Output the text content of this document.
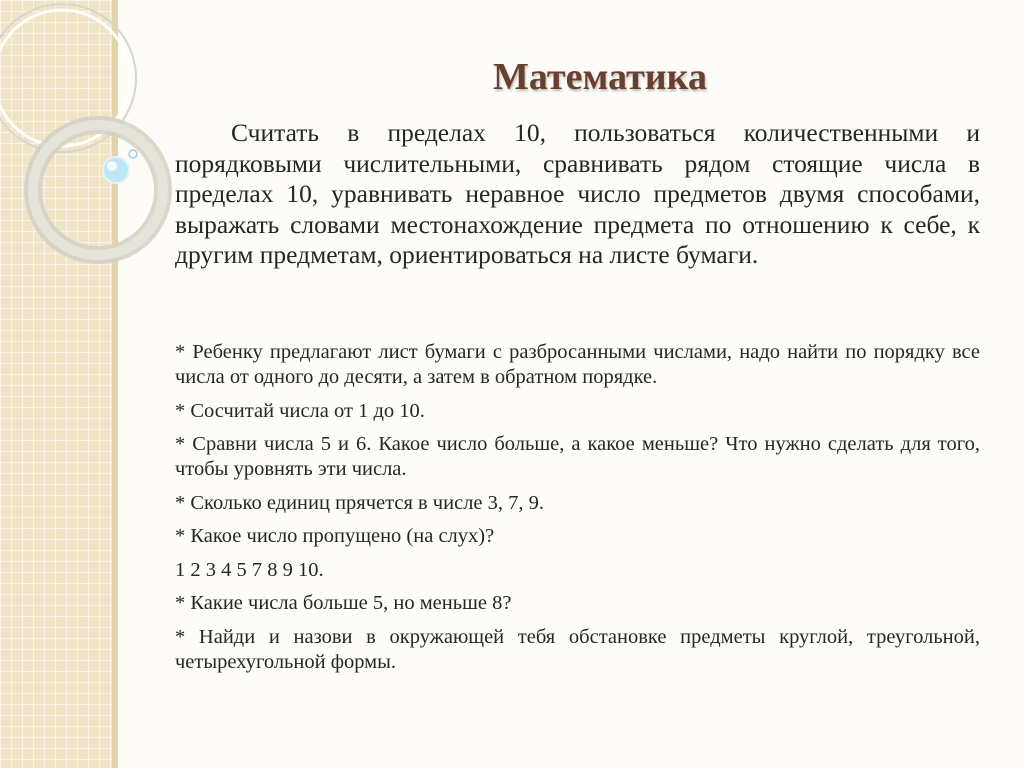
Математика

Считать в пределах 10, пользоваться количественными и порядковыми числительными, сравнивать рядом стоящие числа в пределах 10, уравнивать неравное число предметов двумя способами, выражать словами местонахождение предмета по отношению к себе, к другим предметам, ориентироваться на листе бумаги.

* Ребенку предлагают лист бумаги с разбросанными числами, надо найти по порядку все числа от одного до десяти, а затем в обратном порядке.
* Сосчитай числа от 1 до 10.
* Сравни числа 5 и 6. Какое число больше, а какое меньше? Что нужно сделать для того, чтобы уровнять эти числа.
* Сколько единиц прячется в числе 3, 7, 9.
* Какое число пропущено (на слух)?
1 2 3 4 5 7 8 9 10.
* Какие числа больше 5, но меньше 8?
* Найди и назови в окружающей тебя обстановке предметы круглой, треугольной, четырехугольной формы.
